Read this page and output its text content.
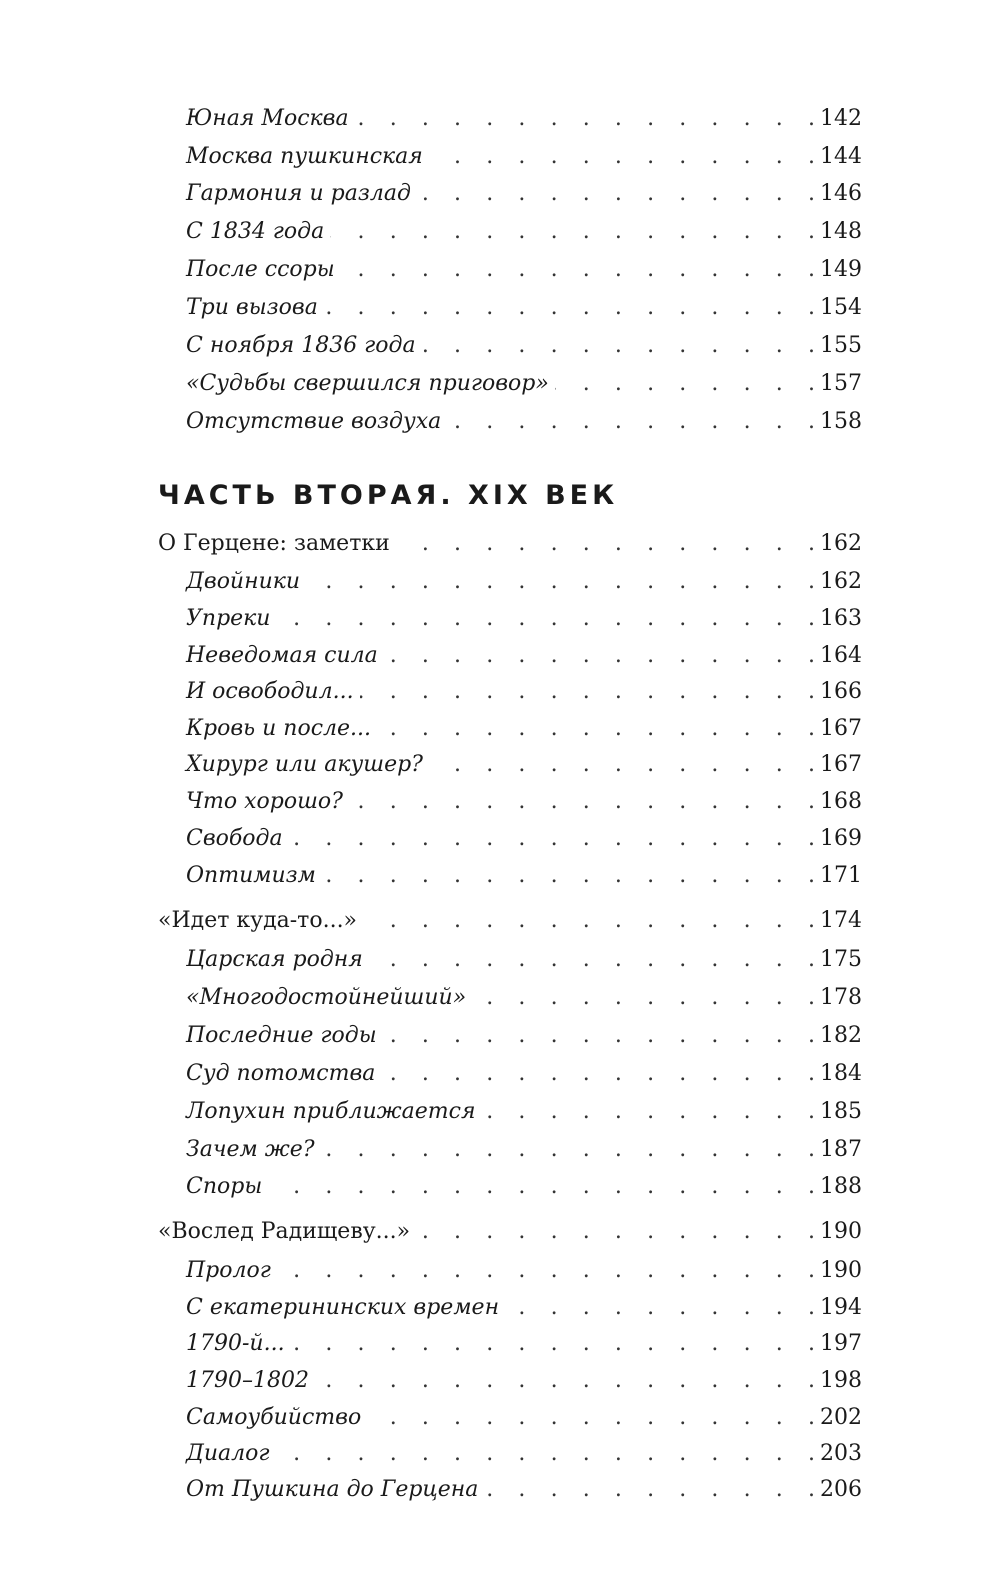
Юная Москва . .	142
Москва пушкинская . .	144
Гармония и разлад . .	146
С 1834 года . .	148
После ссоры . .	149
Три вызова . .	154
С ноября 1836 года . .	155
«Судьбы свершился приговор» . .	157
Отсутствие воздуха . .	158
ЧАСТЬ ВТОРАЯ. XIX ВЕК
О Герцене: заметки . .	162
Двойники . .	162
Упреки . .	163
Неведомая сила . .	164
И освободил... . .	166
Кровь и после... . .	167
Хирург или акушер? . .	167
Что хорошо? . .	168
Свобода . .	169
Оптимизм . .	171
«Идет куда-то...» . .	174
Царская родня . .	175
«Многодостойнейший» . .	178
Последние годы . .	182
Суд потомства . .	184
Лопухин приближается . .	185
Зачем же? . .	187
Споры . .	188
«Вослед Радищеву...» . .	190
Пролог . .	190
С екатерининских времен . .	194
1790-й... . .	197
1790–1802 . .	198
Самоубийство . .	202
Диалог . .	203
От Пушкина до Герцена . .	206
